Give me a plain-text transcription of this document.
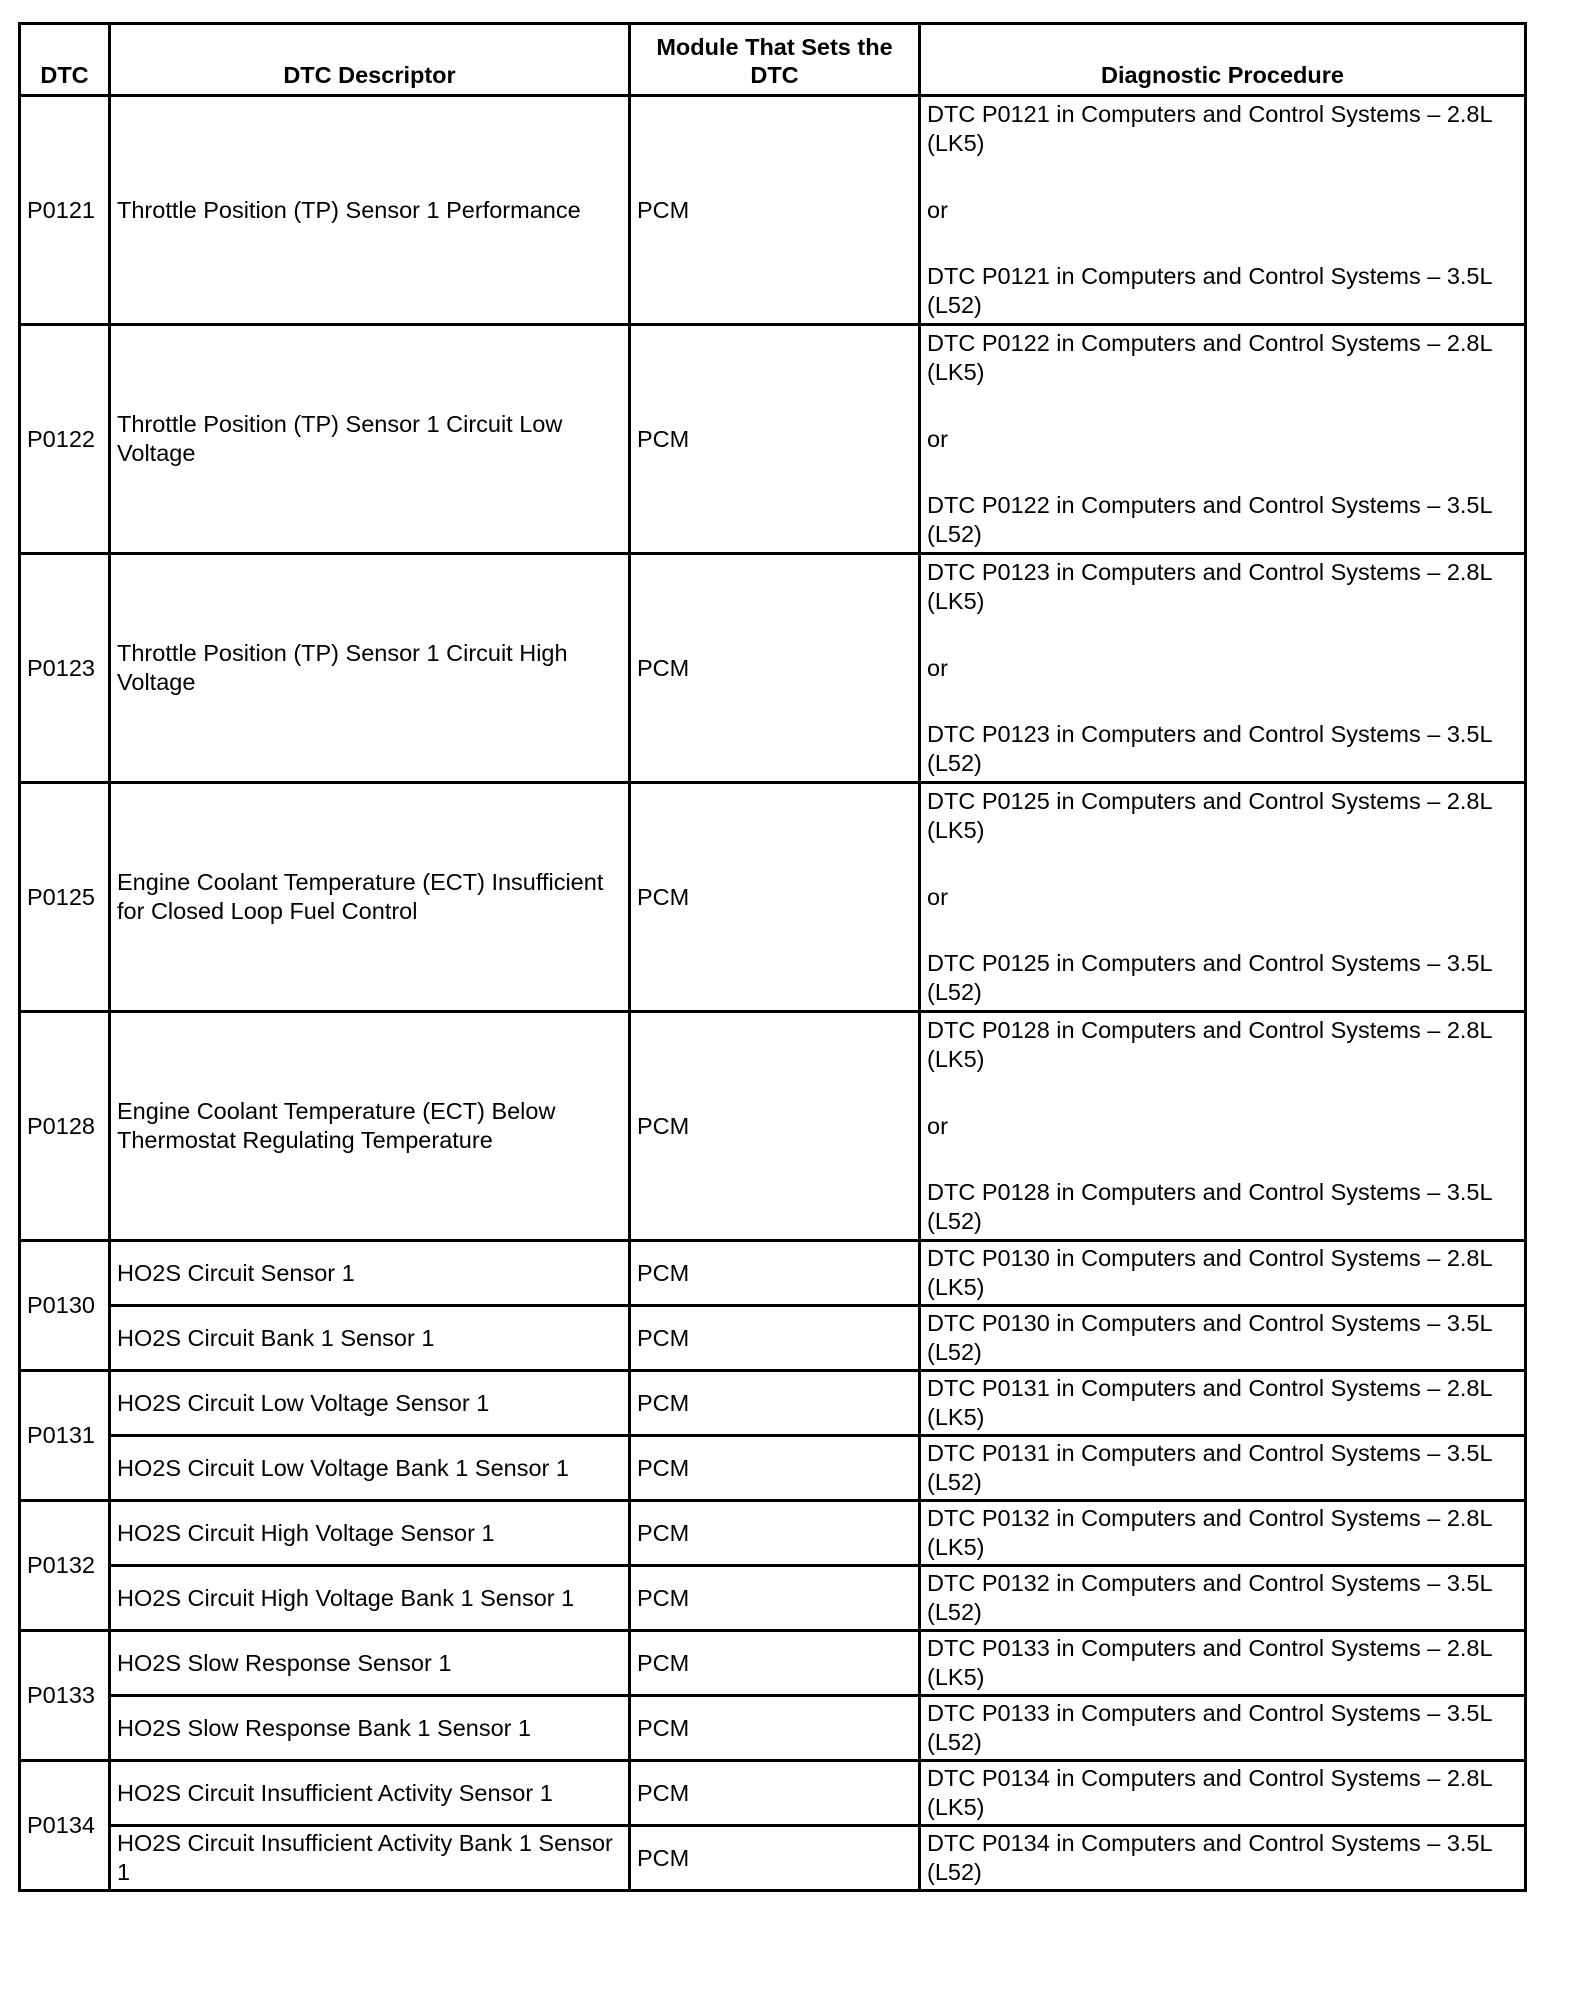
DTC	DTC Descriptor	Module That Sets the DTC	Diagnostic Procedure
P0121	Throttle Position (TP) Sensor 1 Performance	PCM	DTC P0121 in Computers and Control Systems – 2.8L (LK5)
or
DTC P0121 in Computers and Control Systems – 3.5L (L52)

P0122	Throttle Position (TP) Sensor 1 Circuit Low Voltage	PCM	DTC P0122 in Computers and Control Systems – 2.8L (LK5)
or
DTC P0122 in Computers and Control Systems – 3.5L (L52)

P0123	Throttle Position (TP) Sensor 1 Circuit High Voltage	PCM	DTC P0123 in Computers and Control Systems – 2.8L (LK5)
or
DTC P0123 in Computers and Control Systems – 3.5L (L52)

P0125	Engine Coolant Temperature (ECT) Insufficient for Closed Loop Fuel Control	PCM	DTC P0125 in Computers and Control Systems – 2.8L (LK5)
or
DTC P0125 in Computers and Control Systems – 3.5L (L52)

P0128	Engine Coolant Temperature (ECT) Below Thermostat Regulating Temperature	PCM	DTC P0128 in Computers and Control Systems – 2.8L (LK5)
or
DTC P0128 in Computers and Control Systems – 3.5L (L52)

P0130	HO2S Circuit Sensor 1	PCM	DTC P0130 in Computers and Control Systems – 2.8L (LK5)
	HO2S Circuit Bank 1 Sensor 1	PCM	DTC P0130 in Computers and Control Systems – 3.5L (L52)
P0131	HO2S Circuit Low Voltage Sensor 1	PCM	DTC P0131 in Computers and Control Systems – 2.8L (LK5)
	HO2S Circuit Low Voltage Bank 1 Sensor 1	PCM	DTC P0131 in Computers and Control Systems – 3.5L (L52)
P0132	HO2S Circuit High Voltage Sensor 1	PCM	DTC P0132 in Computers and Control Systems – 2.8L (LK5)
	HO2S Circuit High Voltage Bank 1 Sensor 1	PCM	DTC P0132 in Computers and Control Systems – 3.5L (L52)
P0133	HO2S Slow Response Sensor 1	PCM	DTC P0133 in Computers and Control Systems – 2.8L (LK5)
	HO2S Slow Response Bank 1 Sensor 1	PCM	DTC P0133 in Computers and Control Systems – 3.5L (L52)
P0134	HO2S Circuit Insufficient Activity Sensor 1	PCM	DTC P0134 in Computers and Control Systems – 2.8L (LK5)
	HO2S Circuit Insufficient Activity Bank 1 Sensor 1	PCM	DTC P0134 in Computers and Control Systems – 3.5L (L52)
